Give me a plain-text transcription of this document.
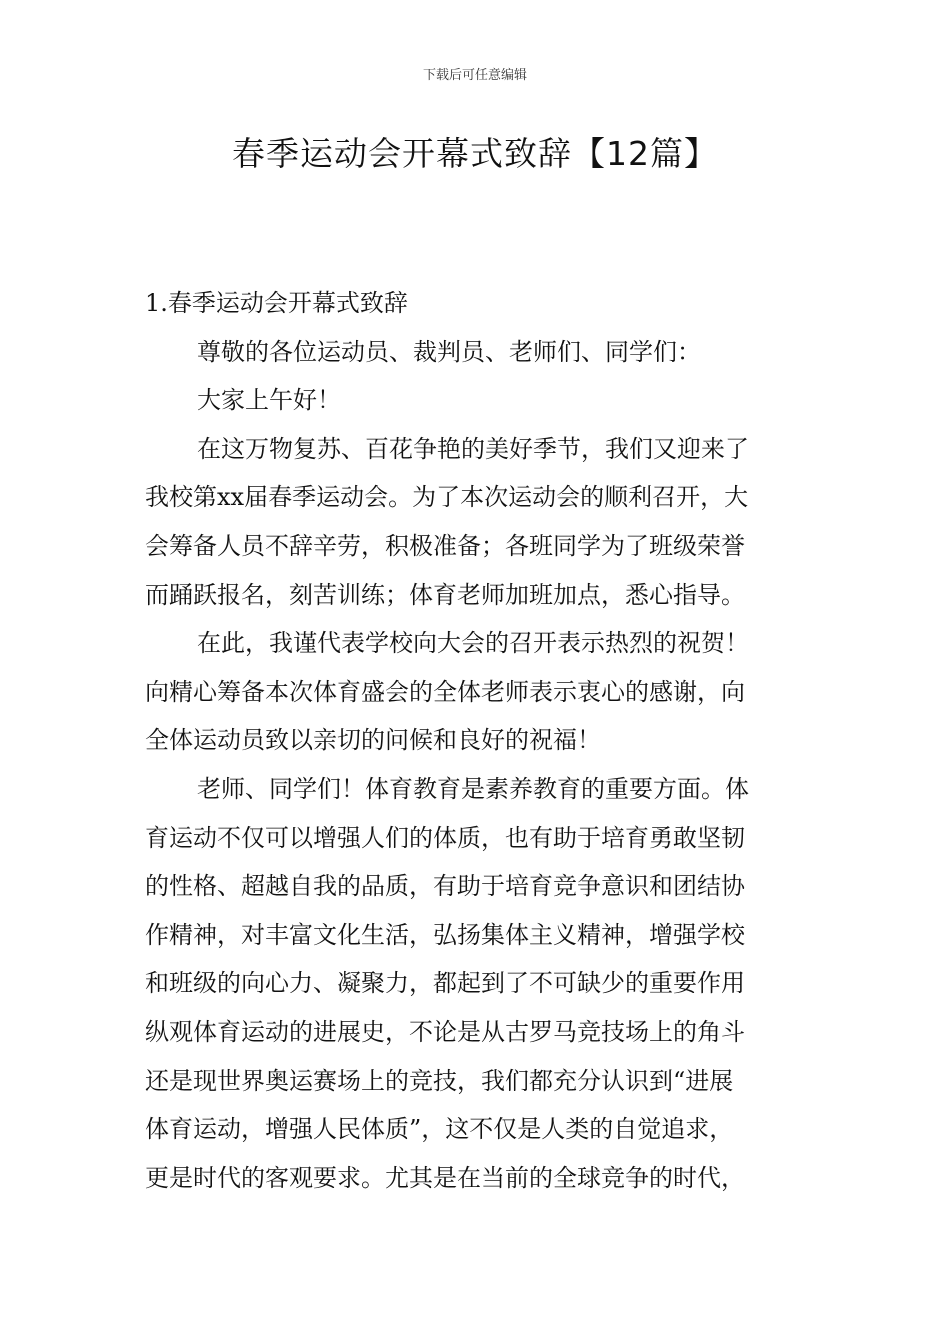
下载后可任意编辑
春季运动会开幕式致辞【12篇】
1.春季运动会开幕式致辞
尊敬的各位运动员、裁判员、老师们、同学们：
大家上午好！
在这万物复苏、百花争艳的美好季节，我们又迎来了
我校第xx届春季运动会。为了本次运动会的顺利召开，大
会筹备人员不辞辛劳，积极准备；各班同学为了班级荣誉
而踊跃报名，刻苦训练；体育老师加班加点，悉心指导。
在此，我谨代表学校向大会的召开表示热烈的祝贺！
向精心筹备本次体育盛会的全体老师表示衷心的感谢，向
全体运动员致以亲切的问候和良好的祝福！
老师、同学们！体育教育是素养教育的重要方面。体
育运动不仅可以增强人们的体质，也有助于培育勇敢坚韧
的性格、超越自我的品质，有助于培育竞争意识和团结协
作精神，对丰富文化生活，弘扬集体主义精神，增强学校
和班级的向心力、凝聚力，都起到了不可缺少的重要作用
纵观体育运动的进展史，不论是从古罗马竞技场上的角斗
还是现世界奥运赛场上的竞技，我们都充分认识到“进展
体育运动，增强人民体质”，这不仅是人类的自觉追求，
更是时代的客观要求。尤其是在当前的全球竞争的时代，
